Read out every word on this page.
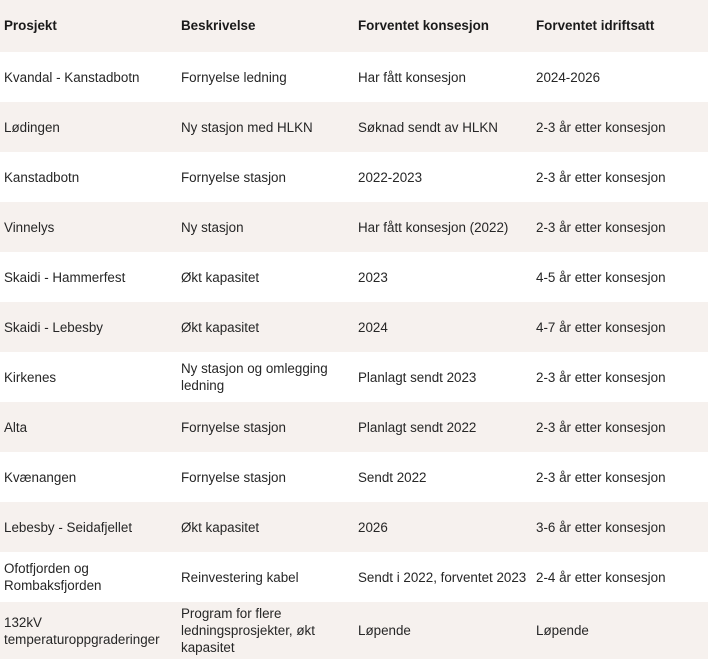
Prosjekt	Beskrivelse	Forventet konsesjon	Forventet idriftsatt
Kvandal - Kanstadbotn	Fornyelse ledning	Har fått konsesjon	2024-2026
Lødingen	Ny stasjon med HLKN	Søknad sendt av HLKN	2-3 år etter konsesjon
Kanstadbotn	Fornyelse stasjon	2022-2023	2-3 år etter konsesjon
Vinnelys	Ny stasjon	Har fått konsesjon (2022)	2-3 år etter konsesjon
Skaidi - Hammerfest	Økt kapasitet	2023	4-5 år etter konsesjon
Skaidi - Lebesby	Økt kapasitet	2024	4-7 år etter konsesjon
Kirkenes	Ny stasjon og omlegging ledning	Planlagt sendt 2023	2-3 år etter konsesjon
Alta	Fornyelse stasjon	Planlagt sendt 2022	2-3 år etter konsesjon
Kvænangen	Fornyelse stasjon	Sendt 2022	2-3 år etter konsesjon
Lebesby - Seidafjellet	Økt kapasitet	2026	3-6 år etter konsesjon
Ofotfjorden og Rombaksfjorden	Reinvestering kabel	Sendt i 2022, forventet 2023	2-4 år etter konsesjon
132kV temperaturoppgraderinger	Program for flere ledningsprosjekter, økt kapasitet	Løpende	Løpende
